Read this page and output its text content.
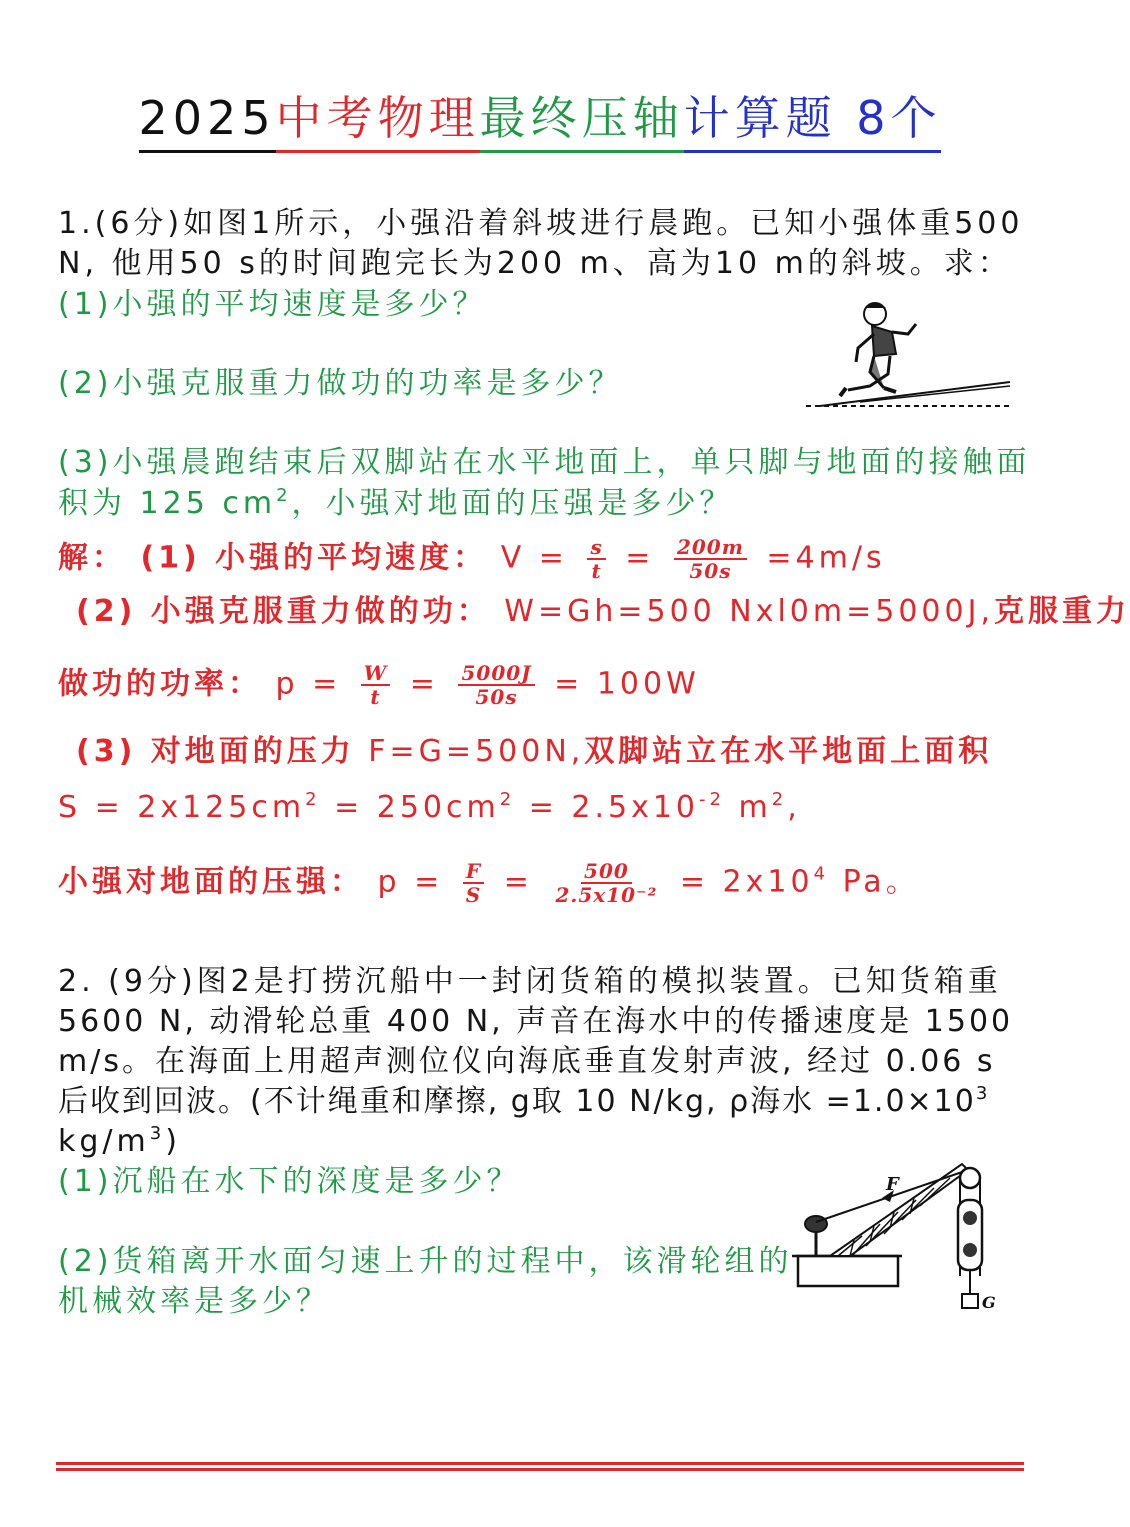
2025中考物理最终压轴计算题 8个
1.(6分)如图1所示，小强沿着斜坡进行晨跑。已知小强体重500
N, 他用50 s的时间跑完长为200 m、高为10 m的斜坡。求：
(1)小强的平均速度是多少？
(2)小强克服重力做功的功率是多少？
(3)小强晨跑结束后双脚站在水平地面上，单只脚与地面的接触面
积为 125 $cm^2$，小强对地面的压强是多少？
解： (1) 小强的平均速度： $V = \frac{s}{t} = \frac{200m}{50s} =4m/s$
(2) 小强克服重力做的功： W=Gh=500 Nxl0m=5000J,克服重力
做功的功率： $p = \frac{W}{t} = \frac{5000J}{50s} = 100W$
(3) 对地面的压力 F=G=500N,双脚站立在水平地面上面积
$S = 2x125cm^2 = 250cm^2 = 2.5x10^{-2}$ $m^2$,
小强对地面的压强： $p = \frac{F}{S} = \frac{500}{\text{2.5x10⁻²}} = 2x10^4$ Pa。
2. (9分)图2是打捞沉船中一封闭货箱的模拟装置。已知货箱重
5600 N, 动滑轮总重 400 N, 声音在海水中的传播速度是 1500
m/s。在海面上用超声测位仪向海底垂直发射声波, 经过 0.06 s
后收到回波。(不计绳重和摩擦, g取 10 N/kg, ρ海水 $=1.0\times 10^3$
$kg/m^3$)
(1)沉船在水下的深度是多少？
(2)货箱离开水面匀速上升的过程中，该滑轮组的
机械效率是多少？
F
G
